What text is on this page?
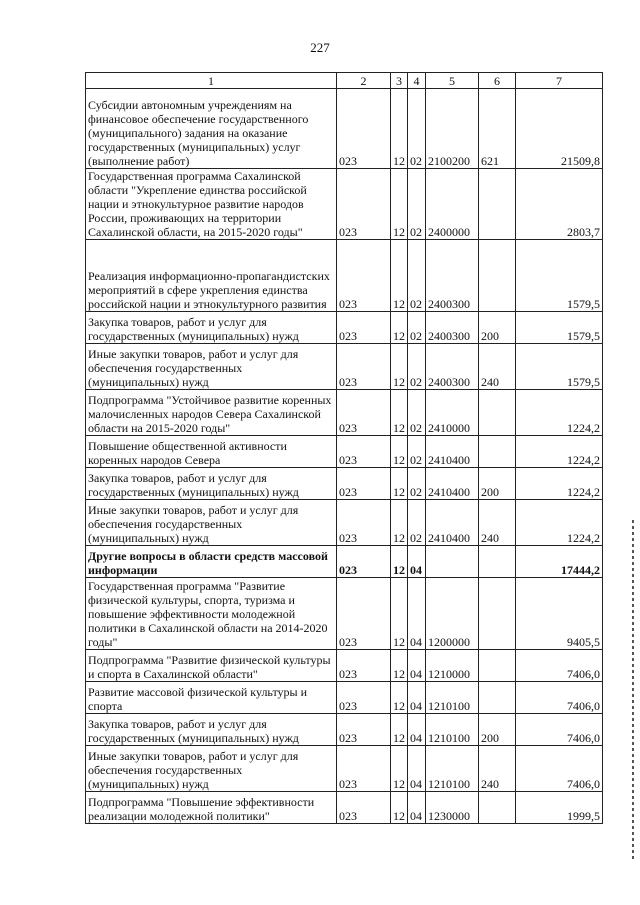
227
1	2	3	4	5	6	7
Субсидии автономным учреждениям на финансовое обеспечение государственного (муниципального) задания на оказание государственных (муниципальных) услуг (выполнение работ)	023	12	02	2100200	621	21509,8
Государственная программа Сахалинской области "Укрепление единства российской нации и этнокультурное развитие народов России, проживающих на территории Сахалинской области, на 2015-2020 годы"	023	12	02	2400000		2803,7
Реализация информационно-пропагандистских мероприятий в сфере укрепления единства российской нации и этнокультурного развития	023	12	02	2400300		1579,5
Закупка товаров, работ и услуг для государственных (муниципальных) нужд	023	12	02	2400300	200	1579,5
Иные закупки товаров, работ и услуг для обеспечения государственных (муниципальных) нужд	023	12	02	2400300	240	1579,5
Подпрограмма "Устойчивое развитие коренных малочисленных народов Севера Сахалинской области на 2015-2020 годы"	023	12	02	2410000		1224,2
Повышение общественной активности коренных народов Севера	023	12	02	2410400		1224,2
Закупка товаров, работ и услуг для государственных (муниципальных) нужд	023	12	02	2410400	200	1224,2
Иные закупки товаров, работ и услуг для обеспечения государственных (муниципальных) нужд	023	12	02	2410400	240	1224,2
Другие вопросы в области средств массовой информации	023	12	04			17444,2
Государственная программа "Развитие физической культуры, спорта, туризма и повышение эффективности молодежной политики в Сахалинской области на 2014-2020 годы"	023	12	04	1200000		9405,5
Подпрограмма "Развитие физической культуры и спорта в Сахалинской области"	023	12	04	1210000		7406,0
Развитие массовой физической культуры и спорта	023	12	04	1210100		7406,0
Закупка товаров, работ и услуг для государственных (муниципальных) нужд	023	12	04	1210100	200	7406,0
Иные закупки товаров, работ и услуг для обеспечения государственных (муниципальных) нужд	023	12	04	1210100	240	7406,0
Подпрограмма "Повышение эффективности реализации молодежной политики"	023	12	04	1230000		1999,5
